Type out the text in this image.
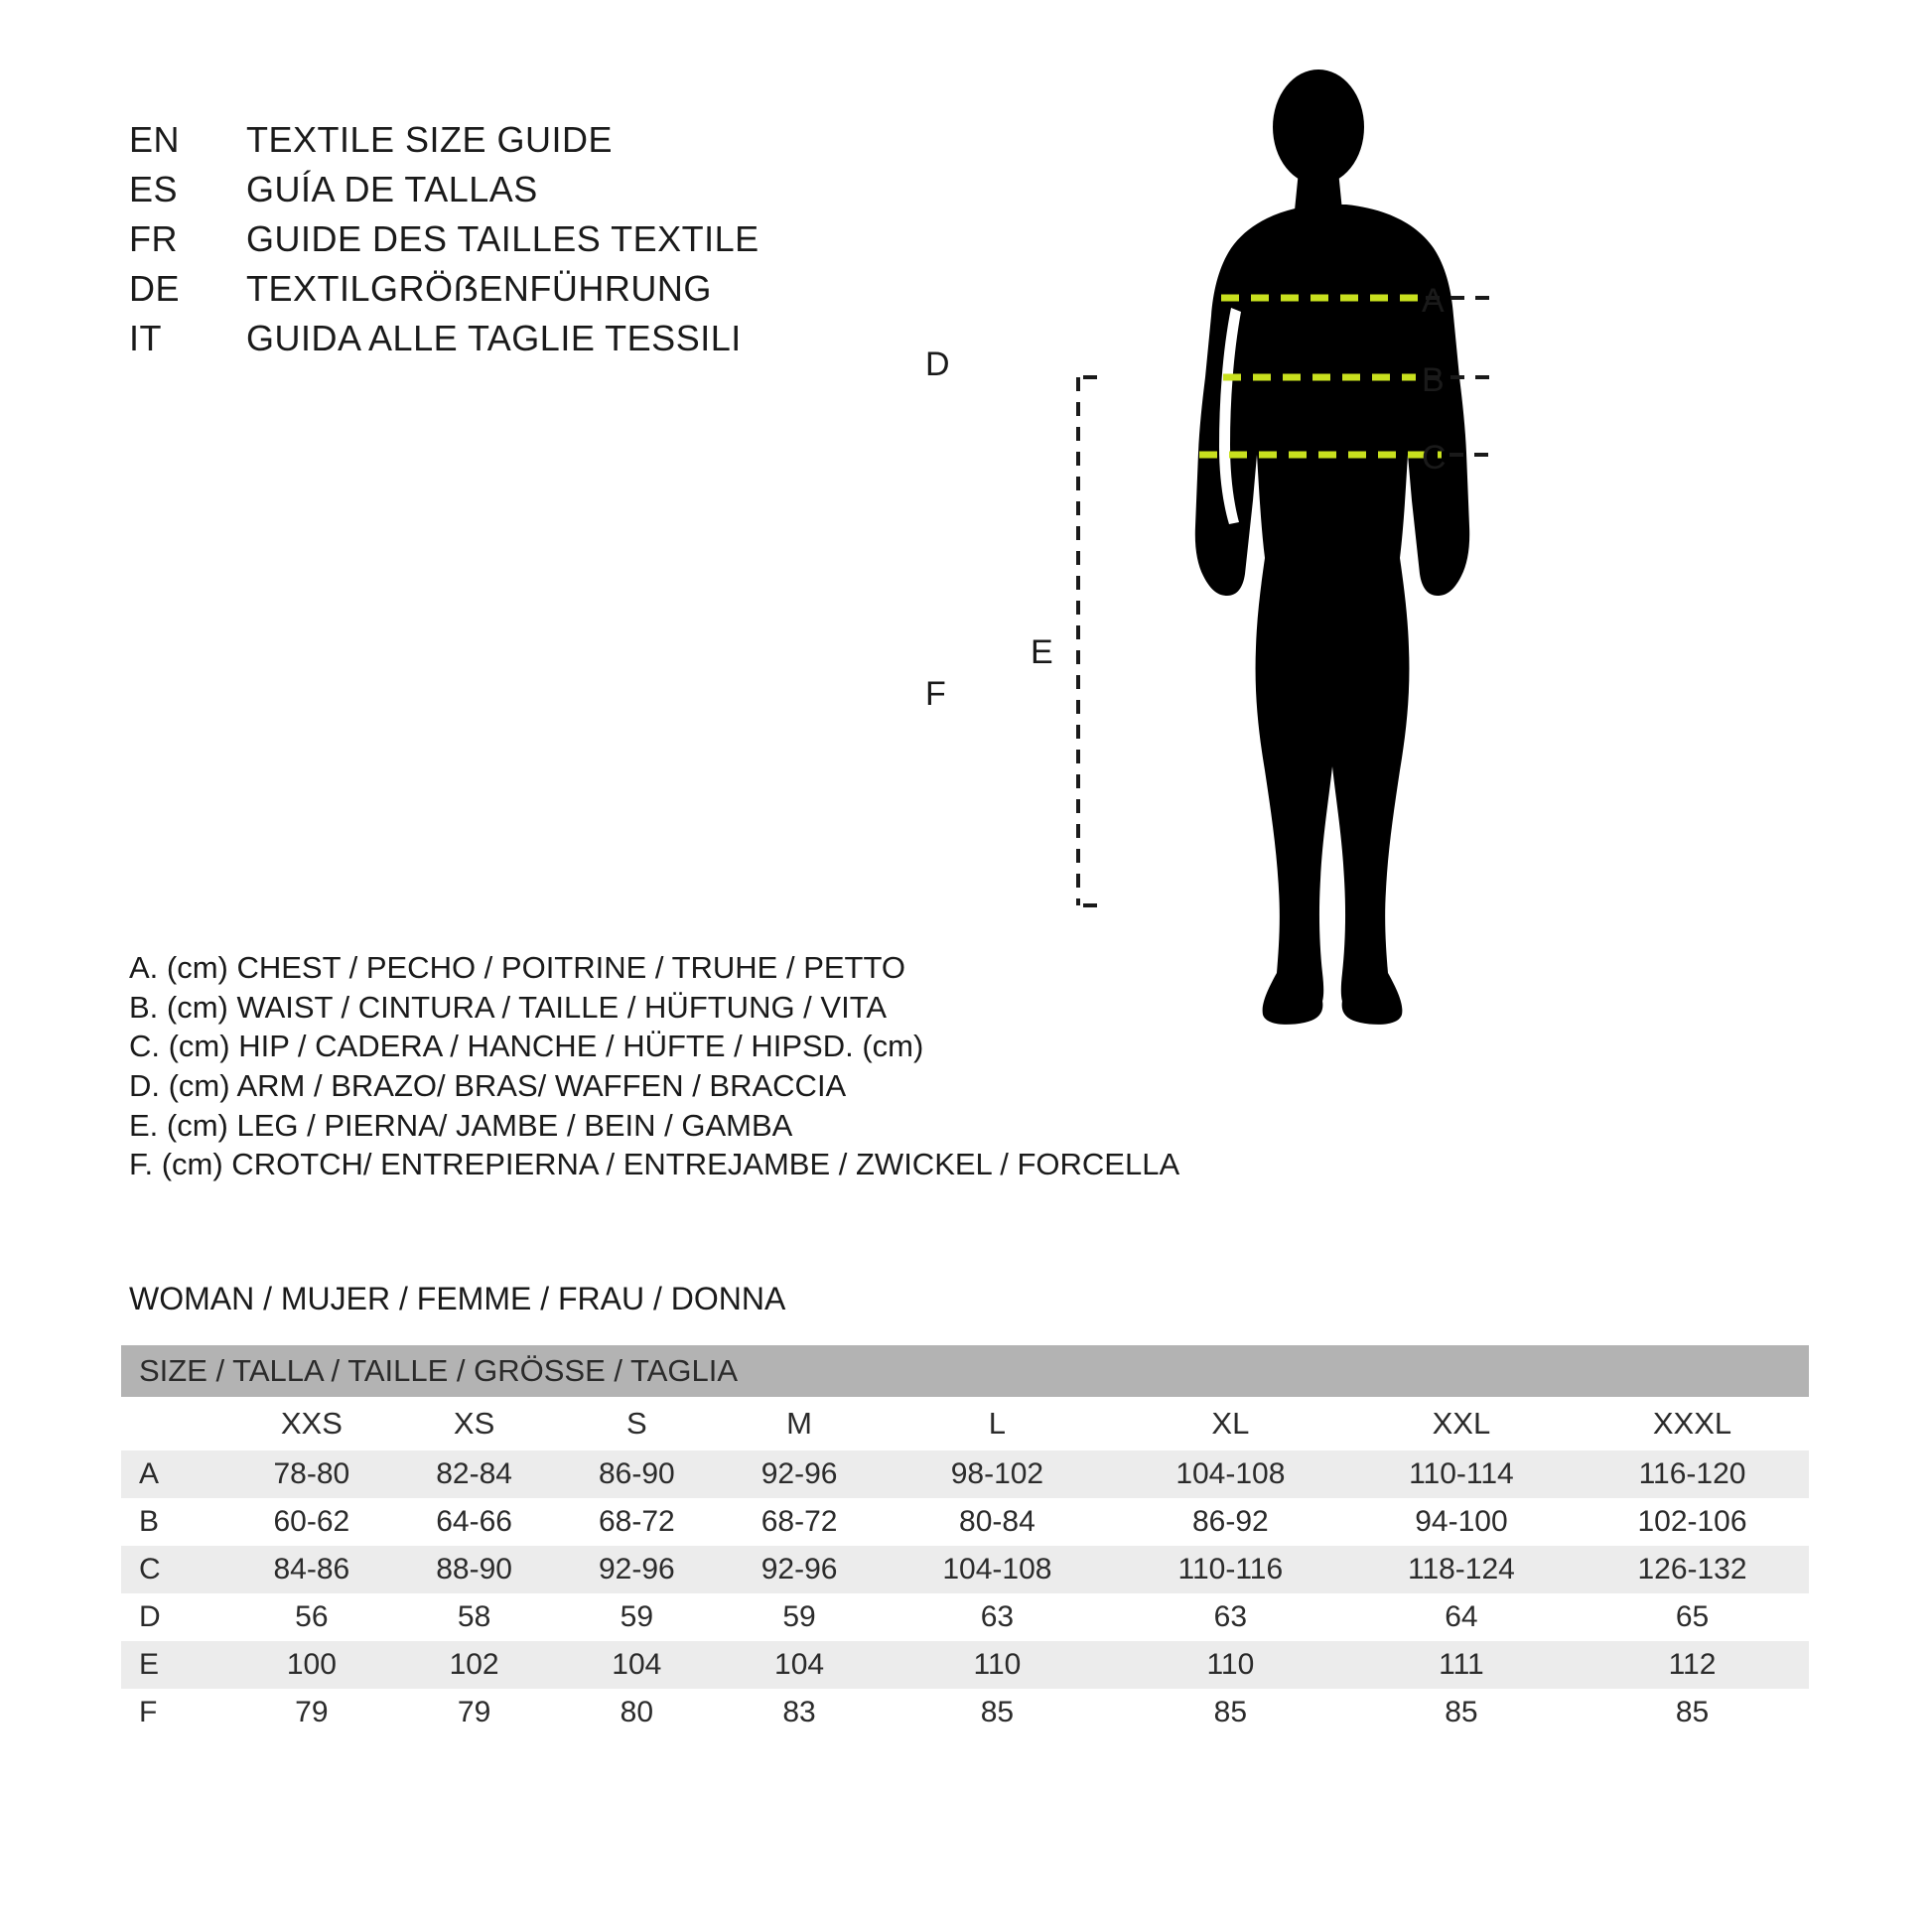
EN	TEXTILE SIZE GUIDE
ES	GUÍA DE TALLAS
FR	GUIDE DES TAILLES TEXTILE
DE	TEXTILGRÖẞENFÜHRUNG
IT	GUIDA ALLE TAGLIE TESSILI
A. (cm) CHEST / PECHO / POITRINE / TRUHE / PETTO
B. (cm) WAIST / CINTURA / TAILLE / HÜFTUNG / VITA
C. (cm) HIP / CADERA / HANCHE / HÜFTE / HIPSD. (cm)
D. (cm) ARM / BRAZO/ BRAS/ WAFFEN / BRACCIA
E. (cm) LEG / PIERNA/ JAMBE / BEIN / GAMBA
F. (cm) CROTCH/ ENTREPIERNA / ENTREJAMBE / ZWICKEL / FORCELLA
WOMAN / MUJER / FEMME / FRAU / DONNA
SIZE / TALLA / TAILLE / GRÖSSE / TAGLIA								
	XXS	XS	S	M	L	XL	XXL	XXXL
A	78-80	82-84	86-90	92-96	98-102	104-108	110-114	116-120
B	60-62	64-66	68-72	68-72	80-84	86-92	94-100	102-106
C	84-86	88-90	92-96	92-96	104-108	110-116	118-124	126-132
D	56	58	59	59	63	63	64	65
E	100	102	104	104	110	110	111	112
F	79	79	80	83	85	85	85	85
A
B
C
D
F
E
